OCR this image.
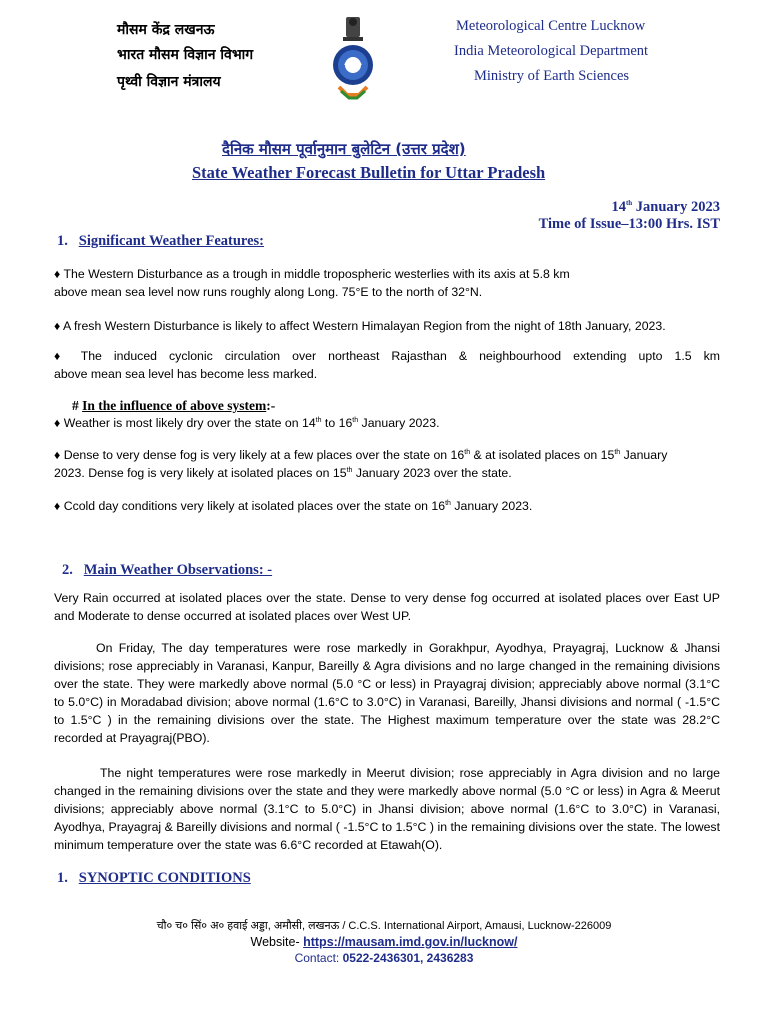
मौसम केंद्र लखनऊ
भारत मौसम विज्ञान विभाग
पृथ्वी विज्ञान मंत्रालय
Meteorological Centre Lucknow
India Meteorological Department
Ministry of Earth Sciences
दैनिक मौसम पूर्वानुमान बुलेटिन (उत्तर प्रदेश)
State Weather Forecast Bulletin for Uttar Pradesh
14th January 2023
Time of Issue–13:00 Hrs. IST
1. Significant Weather Features:
♦ The Western Disturbance as a trough in middle tropospheric westerlies with its axis at 5.8 km
above mean sea level now runs roughly along Long. 75°E to the north of 32°N.
♦ A fresh Western Disturbance is likely to affect Western Himalayan Region from the night of 18th January, 2023.
♦ The induced cyclonic circulation over northeast Rajasthan & neighbourhood extending upto 1.5 km
above mean sea level has become less marked.
# In the influence of above system:-
♦ Weather is most likely dry over the state on 14th to 16th January 2023.
♦ Dense to very dense fog is very likely at a few places over the state on 16th & at isolated places on 15th January
2023. Dense fog is very likely at isolated places on 15th January 2023 over the state.
♦ Ccold day conditions very likely at isolated places over the state on 16th January 2023.
2. Main Weather Observations: -
Very Rain occurred at isolated places over the state. Dense to very dense fog occurred at isolated places over East UP and Moderate to dense occurred at isolated places over West UP.
On Friday, The day temperatures were rose markedly in Gorakhpur, Ayodhya, Prayagraj, Lucknow & Jhansi divisions; rose appreciably in Varanasi, Kanpur, Bareilly & Agra divisions and no large changed in the remaining divisions over the state. They were markedly above normal (5.0 °C or less) in Prayagraj division; appreciably above normal (3.1°C to 5.0°C) in Moradabad division; above normal (1.6°C to 3.0°C) in Varanasi, Bareilly, Jhansi divisions and normal ( -1.5°C to 1.5°C ) in the remaining divisions over the state. The Highest maximum temperature over the state was 28.2°C recorded at Prayagraj(PBO).
The night temperatures were rose markedly in Meerut division; rose appreciably in Agra division and no large changed in the remaining divisions over the state and they were markedly above normal (5.0 °C or less) in Agra & Meerut divisions; appreciably above normal (3.1°C to 5.0°C) in Jhansi division; above normal (1.6°C to 3.0°C) in Varanasi, Ayodhya, Prayagraj & Bareilly divisions and normal ( -1.5°C to 1.5°C ) in the remaining divisions over the state. The lowest minimum temperature over the state was 6.6°C recorded at Etawah(O).
1. SYNOPTIC CONDITIONS
चौ० च० सिं० अ० हवाई अड्डा, अमौसी, लखनऊ / C.C.S. International Airport, Amausi, Lucknow-226009
Website- https://mausam.imd.gov.in/lucknow/
Contact: 0522-2436301, 2436283
